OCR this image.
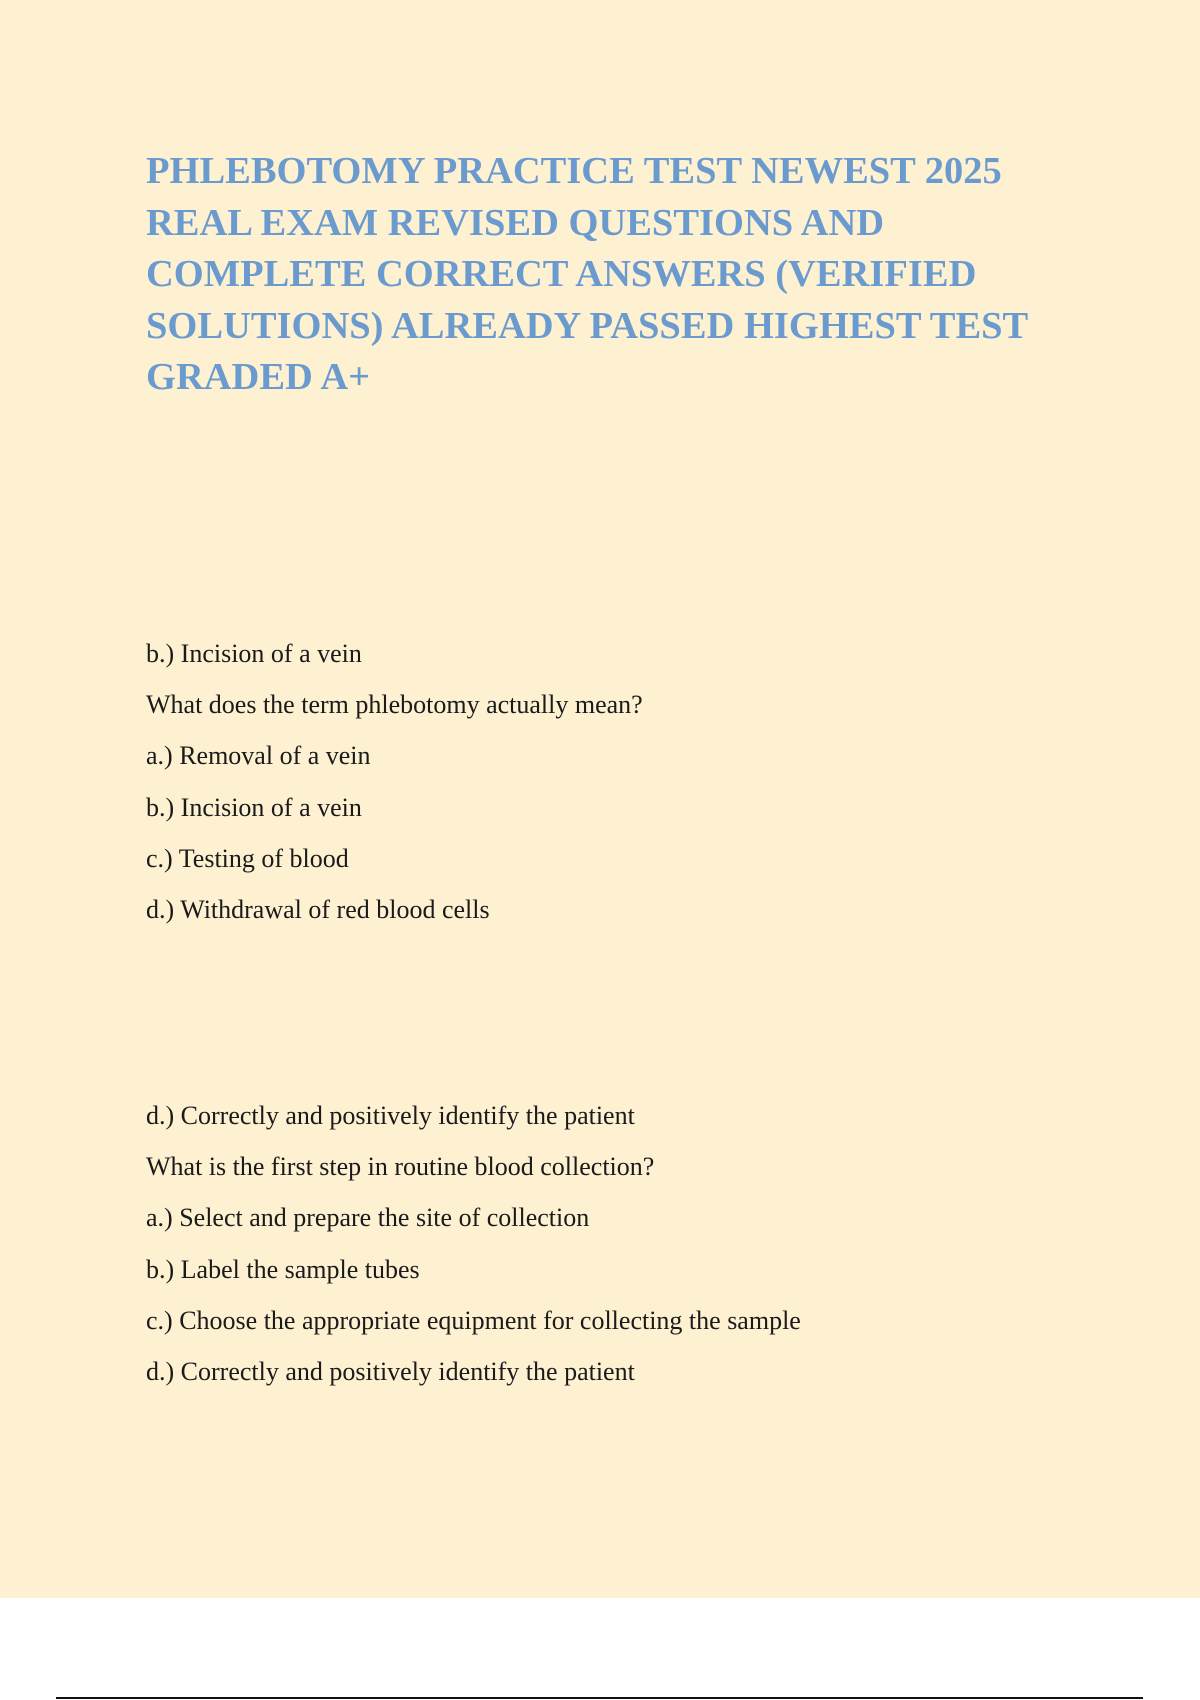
PHLEBOTOMY PRACTICE TEST NEWEST 2025 REAL EXAM REVISED QUESTIONS AND COMPLETE CORRECT ANSWERS (VERIFIED SOLUTIONS) ALREADY PASSED HIGHEST TEST GRADED A+

b.) Incision of a vein

What does the term phlebotomy actually mean?

a.) Removal of a vein

b.) Incision of a vein

c.) Testing of blood

d.) Withdrawal of red blood cells

d.) Correctly and positively identify the patient

What is the first step in routine blood collection?

a.) Select and prepare the site of collection

b.) Label the sample tubes

c.) Choose the appropriate equipment for collecting the sample

d.) Correctly and positively identify the patient
